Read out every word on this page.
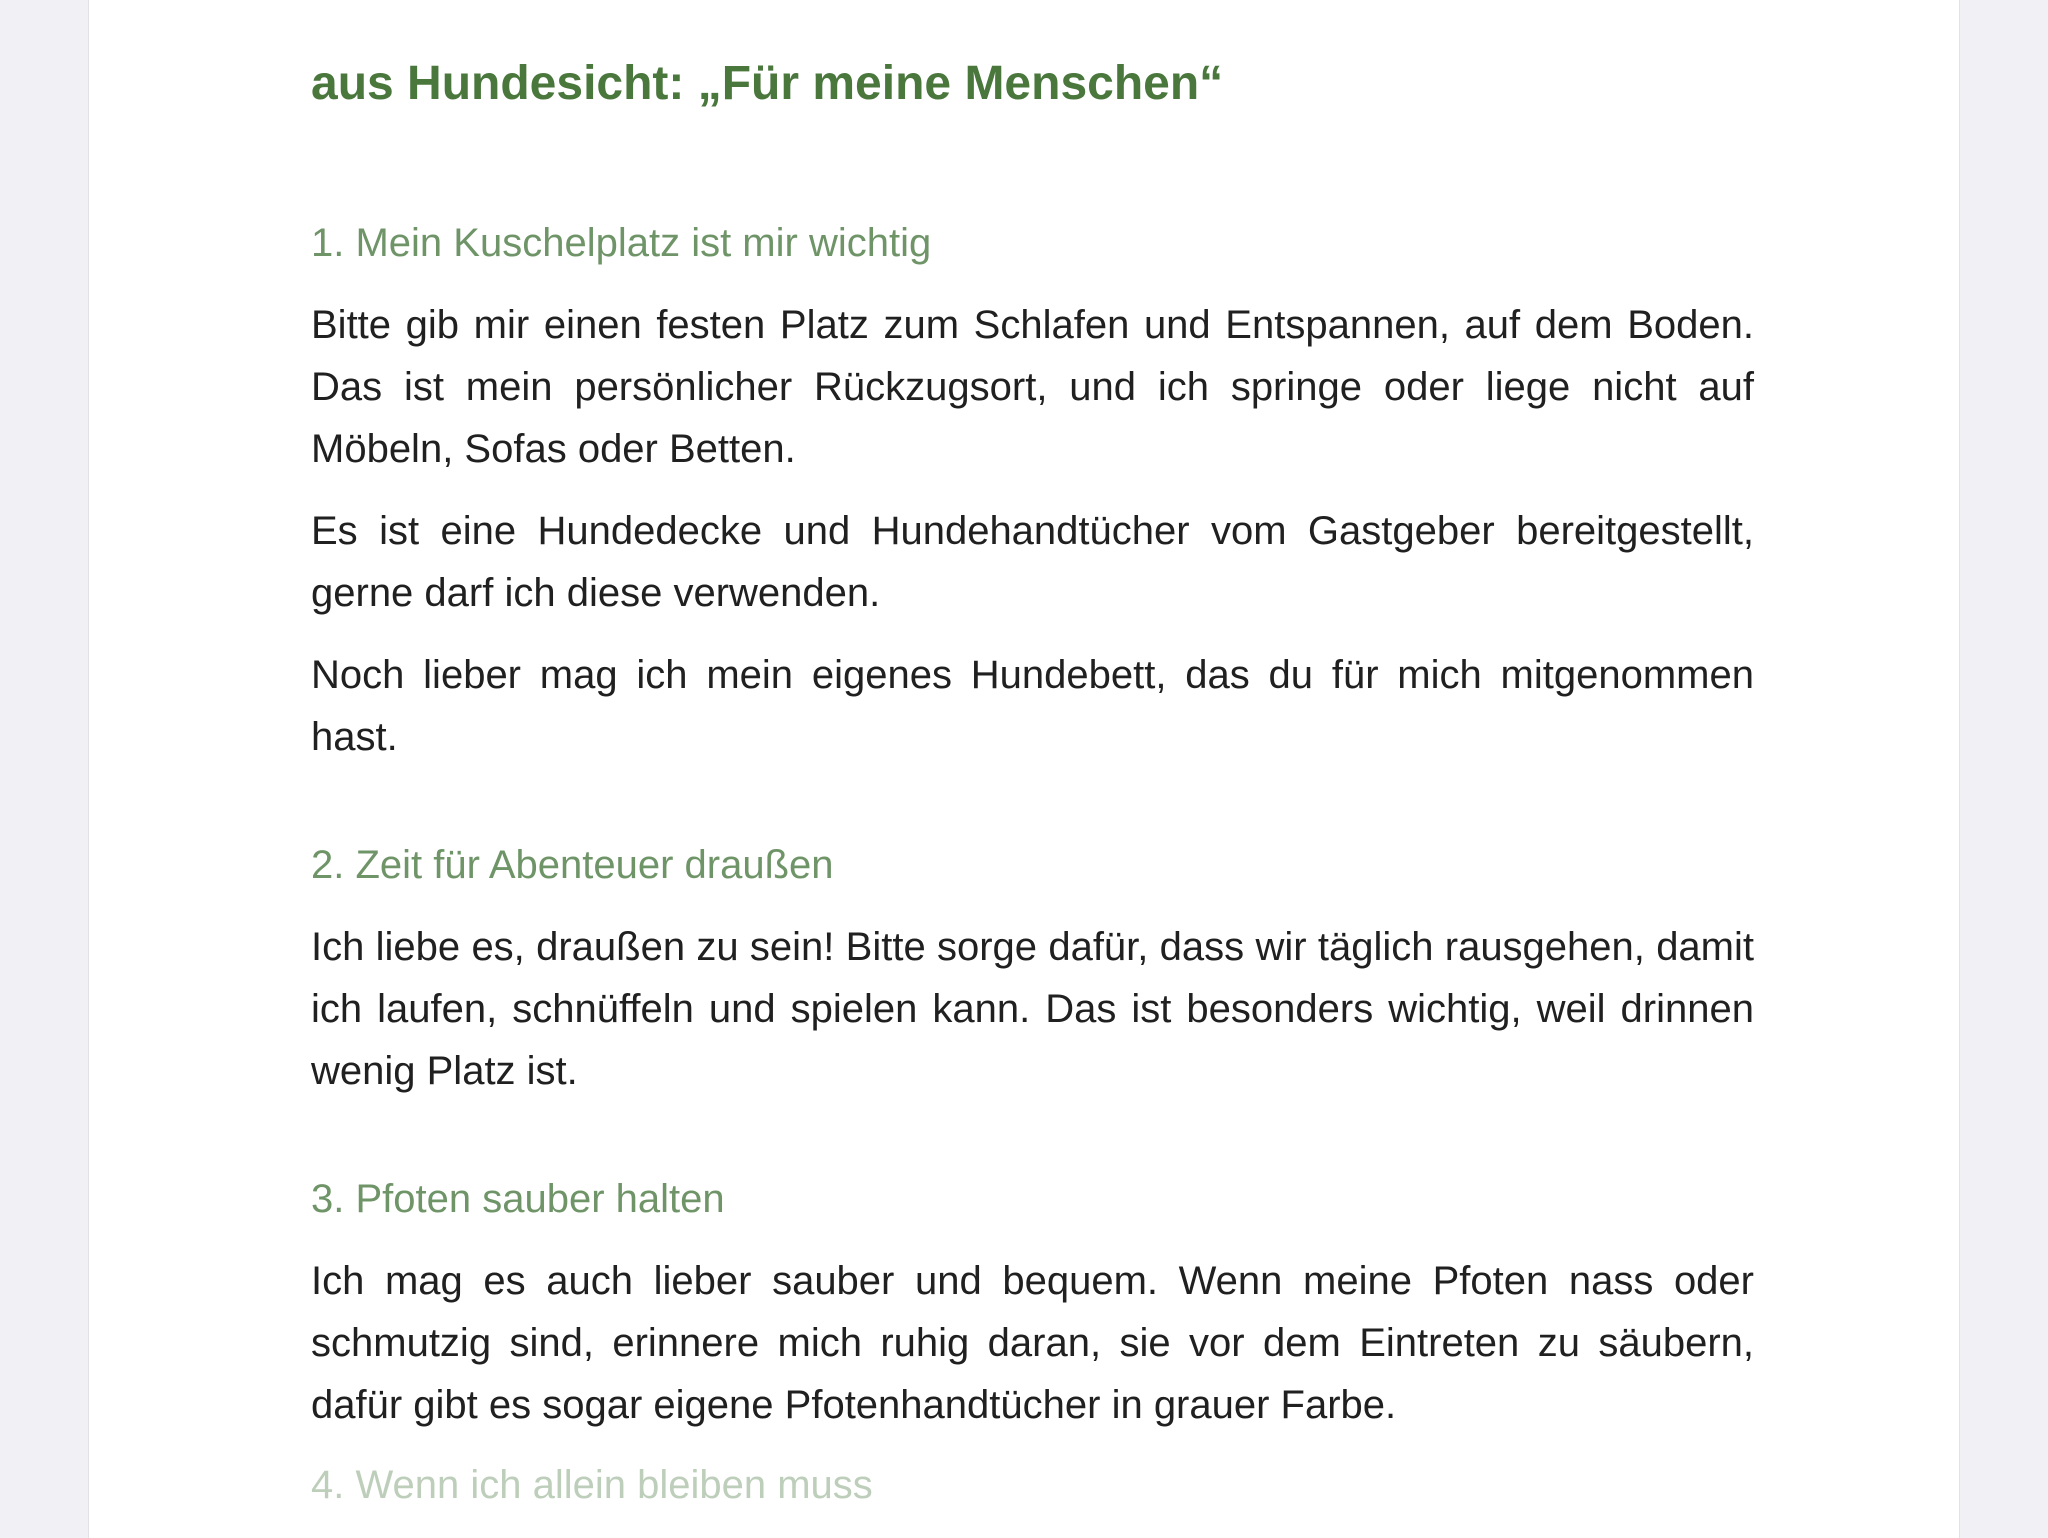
aus Hundesicht: „Für meine Menschen“
1. Mein Kuschelplatz ist mir wichtig

Bitte gib mir einen festen Platz zum Schlafen und Entspannen, auf dem Boden. Das ist mein persönlicher Rückzugsort, und ich springe oder liege nicht auf Möbeln, Sofas oder Betten.

Es ist eine Hundedecke und Hundehandtücher vom Gastgeber bereitgestellt, gerne darf ich diese verwenden.

Noch lieber mag ich mein eigenes Hundebett, das du für mich mitgenommen hast.

2. Zeit für Abenteuer draußen

Ich liebe es, draußen zu sein! Bitte sorge dafür, dass wir täglich rausgehen, damit ich laufen, schnüffeln und spielen kann. Das ist besonders wichtig, weil drinnen wenig Platz ist.

3. Pfoten sauber halten

Ich mag es auch lieber sauber und bequem. Wenn meine Pfoten nass oder schmutzig sind, erinnere mich ruhig daran, sie vor dem Eintreten zu säubern, dafür gibt es sogar eigene Pfotenhandtücher in grauer Farbe.

4. Wenn ich allein bleiben muss
